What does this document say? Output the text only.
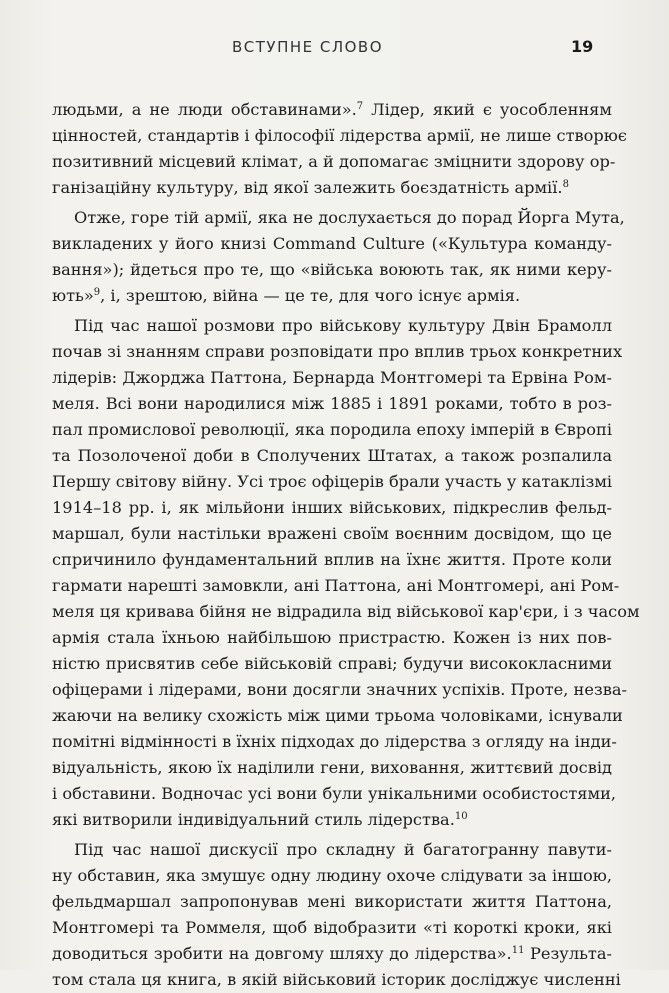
ВСТУПНЕ СЛОВО	19
людьми, а не люди обставинами».$^7$ Лідер, який є уособленням
цінностей, стандартів і філософії лідерства армії, не лише створює
позитивний місцевий клімат, а й допомагає зміцнити здорову ор-
ганізаційну культуру, від якої залежить боєздатність армії.$^8$
Отже, горе тій армії, яка не дослухається до порад Йорга Мута,
викладених у його книзі Command Culture («Культура команду-
вання»); йдеться про те, що «війська воюють так, як ними керу-
ють»$^9$, і, зрештою, війна — це те, для чого існує армія.
Під час нашої розмови про військову культуру Двін Брамолл
почав зі знанням справи розповідати про вплив трьох конкретних
лідерів: Джорджа Паттона, Бернарда Монтгомері та Ервіна Ром-
меля. Всі вони народилися між 1885 і 1891 роками, тобто в роз-
пал промислової революції, яка породила епоху імперій в Європі
та Позолоченої доби в Сполучених Штатах, а також розпалила
Першу світову війну. Усі троє офіцерів брали участь у катаклізмі
1914–18 рр. і, як мільйони інших військових, підкреслив фельд-
маршал, були настільки вражені своїм воєнним досвідом, що це
спричинило фундаментальний вплив на їхнє життя. Проте коли
гармати нарешті замовкли, ані Паттона, ані Монтгомері, ані Ром-
меля ця кривава бійня не відрадила від військової кар'єри, і з часом
армія стала їхньою найбільшою пристрастю. Кожен із них пов-
ністю присвятив себе військовій справі; будучи висококласними
офіцерами і лідерами, вони досягли значних успіхів. Проте, незва-
жаючи на велику схожість між цими трьома чоловіками, існували
помітні відмінності в їхніх підходах до лідерства з огляду на інди-
відуальність, якою їх наділили гени, виховання, життєвий досвід
і обставини. Водночас усі вони були унікальними особистостями,
які витворили індивідуальний стиль лідерства.$^{10}$
Під час нашої дискусії про складну й багатогранну павути-
ну обставин, яка змушує одну людину охоче слідувати за іншою,
фельдмаршал запропонував мені використати життя Паттона,
Монтгомері та Роммеля, щоб відобразити «ті короткі кроки, які
доводиться зробити на довгому шляху до лідерства».$^{11}$ Результа-
том стала ця книга, в якій військовий історик досліджує численні
